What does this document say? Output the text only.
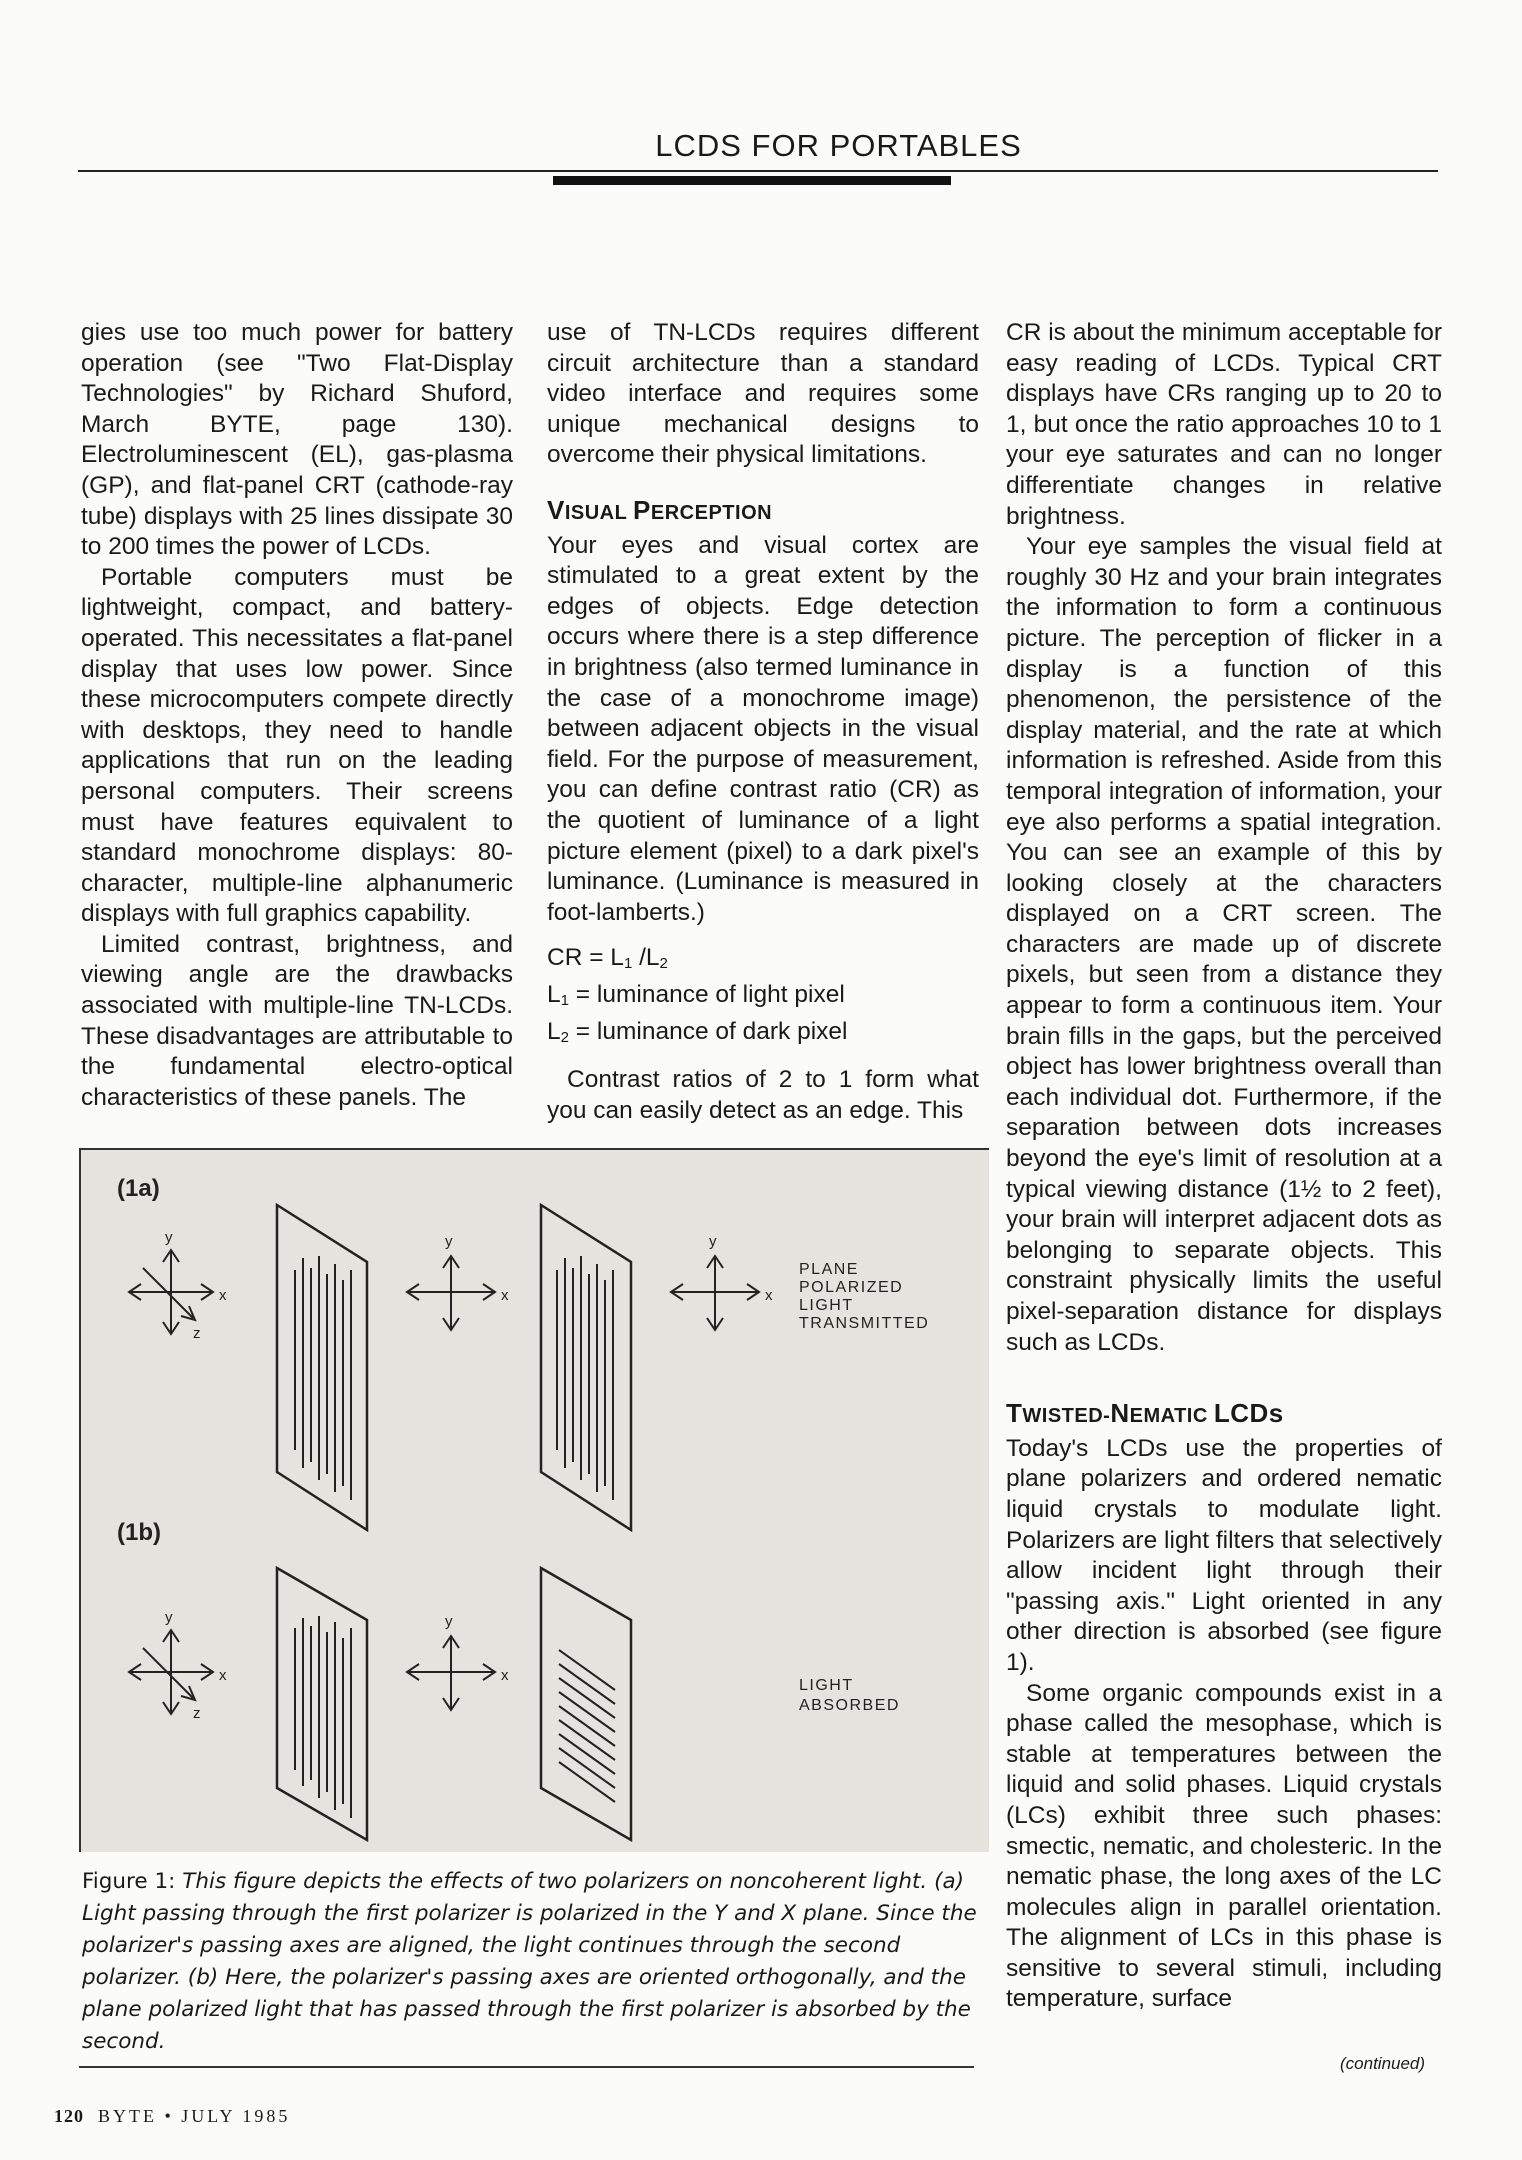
LCDS FOR PORTABLES

gies use too much power for battery operation (see "Two Flat-Display Technologies" by Richard Shuford, March BYTE, page 130). Electroluminescent (EL), gas-plasma (GP), and flat-panel CRT (cathode-ray tube) displays with 25 lines dissipate 30 to 200 times the power of LCDs.

Portable computers must be lightweight, compact, and battery-operated. This necessitates a flat-panel display that uses low power. Since these microcomputers compete directly with desktops, they need to handle applications that run on the leading personal computers. Their screens must have features equivalent to standard monochrome displays: 80-character, multiple-line alphanumeric displays with full graphics capability.

Limited contrast, brightness, and viewing angle are the drawbacks associated with multiple-line TN-LCDs. These disadvantages are attributable to the fundamental electro-optical characteristics of these panels. The

use of TN-LCDs requires different circuit architecture than a standard video interface and requires some unique mechanical designs to overcome their physical limitations.

VISUAL PERCEPTION

Your eyes and visual cortex are stimulated to a great extent by the edges of objects. Edge detection occurs where there is a step difference in brightness (also termed luminance in the case of a monochrome image) between adjacent objects in the visual field. For the purpose of measurement, you can define contrast ratio (CR) as the quotient of luminance of a light picture element (pixel) to a dark pixel's luminance. (Luminance is measured in foot-lamberts.)

CR = $L_1$ $/L_2$
$L_1$ = luminance of light pixel
$L_2$ = luminance of dark pixel

Contrast ratios of 2 to 1 form what you can easily detect as an edge. This

CR is about the minimum acceptable for easy reading of LCDs. Typical CRT displays have CRs ranging up to 20 to 1, but once the ratio approaches 10 to 1 your eye saturates and can no longer differentiate changes in relative brightness.

Your eye samples the visual field at roughly 30 Hz and your brain integrates the information to form a continuous picture. The perception of flicker in a display is a function of this phenomenon, the persistence of the display material, and the rate at which information is refreshed. Aside from this temporal integration of information, your eye also performs a spatial integration. You can see an example of this by looking closely at the characters displayed on a CRT screen. The characters are made up of discrete pixels, but seen from a distance they appear to form a continuous item. Your brain fills in the gaps, but the perceived object has lower brightness overall than each individual dot. Furthermore, if the separation between dots increases beyond the eye's limit of resolution at a typical viewing distance (1½ to 2 feet), your brain will interpret adjacent dots as belonging to separate objects. This constraint physically limits the useful pixel-separation distance for displays such as LCDs.

TWISTED-NEMATIC LCDs

Today's LCDs use the properties of plane polarizers and ordered nematic liquid crystals to modulate light. Polarizers are light filters that selectively allow incident light through their "passing axis." Light oriented in any other direction is absorbed (see figure 1).

Some organic compounds exist in a phase called the mesophase, which is stable at temperatures between the liquid and solid phases. Liquid crystals (LCs) exhibit three such phases: smectic, nematic, and cholesteric. In the nematic phase, the long axes of the LC molecules align in parallel orientation. The alignment of LCs in this phase is sensitive to several stimuli, including temperature, surface

(1a)
(1b)
y
x
z
y
x
y
x
PLANE
POLARIZED
LIGHT
TRANSMITTED
y
x
z
y
x
LIGHT
ABSORBED
Figure 1: This figure depicts the effects of two polarizers on noncoherent light. (a) Light passing through the first polarizer is polarized in the Y and X plane. Since the polarizer's passing axes are aligned, the light continues through the second polarizer. (b) Here, the polarizer's passing axes are oriented orthogonally, and the plane polarized light that has passed through the first polarizer is absorbed by the second.
(continued)
120 BYTE • JULY 1985
